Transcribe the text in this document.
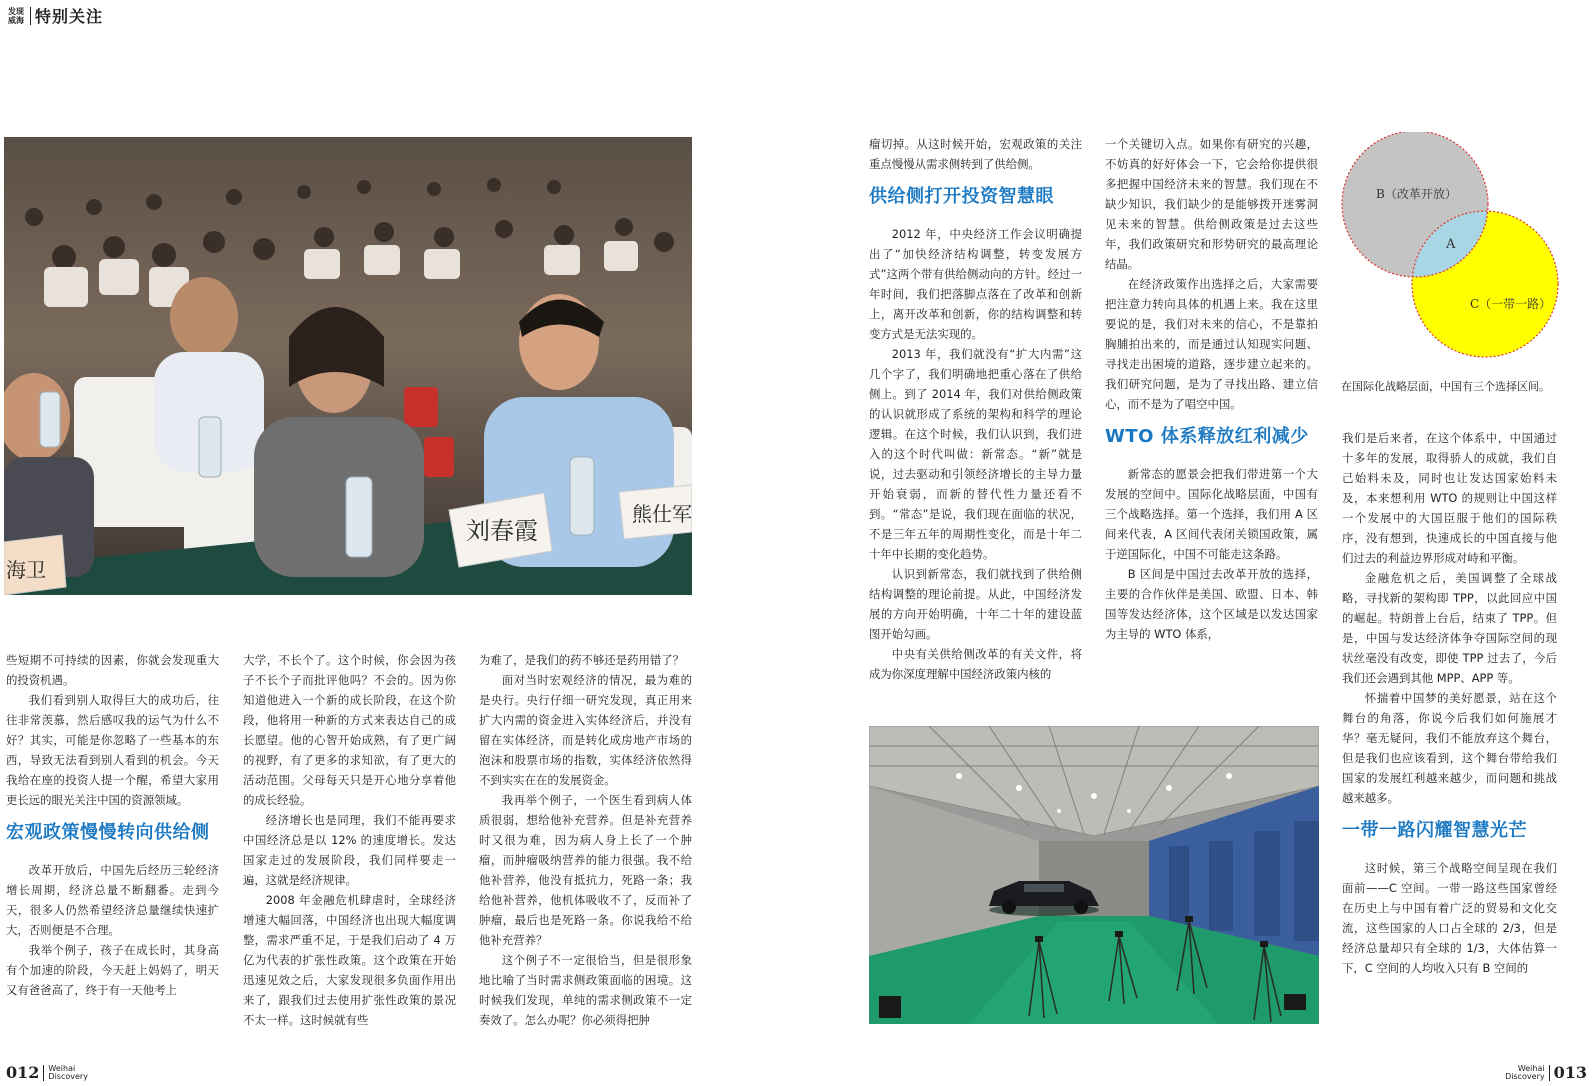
发现
威海 特别关注
刘春霞
熊仕军
海卫

些短期不可持续的因素，你就会发现重大的投资机遇。

我们看到别人取得巨大的成功后，往往非常羡慕，然后感叹我的运气为什么不好？其实，可能是你忽略了一些基本的东西，导致无法看到别人看到的机会。今天我给在座的投资人提一个醒，希望大家用更长远的眼光关注中国的资源领域。

宏观政策慢慢转向供给侧

改革开放后，中国先后经历三轮经济增长周期，经济总量不断翻番。走到今天，很多人仍然希望经济总量继续快速扩大，否则便是不合理。

我举个例子，孩子在成长时，其身高有个加速的阶段，今天赶上妈妈了，明天又有爸爸高了，终于有一天他考上

大学，不长个了。这个时候，你会因为孩子不长个子而批评他吗？不会的。因为你知道他进入一个新的成长阶段，在这个阶段，他将用一种新的方式来表达自己的成长愿望。他的心智开始成熟，有了更广阔的视野，有了更多的求知欲，有了更大的活动范围。父母每天只是开心地分享着他的成长经验。

经济增长也是同理，我们不能再要求中国经济总是以 12% 的速度增长。发达国家走过的发展阶段，我们同样要走一遍，这就是经济规律。

2008 年金融危机肆虐时，全球经济增速大幅回落，中国经济也出现大幅度调整，需求严重不足，于是我们启动了 4 万亿为代表的扩张性政策。这个政策在开始迅速见效之后，大家发现很多负面作用出来了，跟我们过去使用扩张性政策的景况不太一样。这时候就有些

为难了，是我们的药不够还是药用错了？

面对当时宏观经济的情况，最为难的是央行。央行仔细一研究发现，真正用来扩大内需的资金进入实体经济后，并没有留在实体经济，而是转化成房地产市场的泡沫和股票市场的指数，实体经济依然得不到实实在在的发展资金。

我再举个例子，一个医生看到病人体质很弱，想给他补充营养。但是补充营养时又很为难，因为病人身上长了一个肿瘤，而肿瘤吸纳营养的能力很强。我不给他补营养，他没有抵抗力，死路一条；我给他补营养，他机体吸收不了，反而补了肿瘤，最后也是死路一条。你说我给不给他补充营养？

这个例子不一定很恰当，但是很形象地比喻了当时需求侧政策面临的困境。这时候我们发现，单纯的需求侧政策不一定奏效了。怎么办呢？你必须得把肿

瘤切掉。从这时候开始，宏观政策的关注重点慢慢从需求侧转到了供给侧。

供给侧打开投资智慧眼

2012 年，中央经济工作会议明确提出了“加快经济结构调整，转变发展方式”这两个带有供给侧动向的方针。经过一年时间，我们把落脚点落在了改革和创新上，离开改革和创新，你的结构调整和转变方式是无法实现的。

2013 年，我们就没有“扩大内需”这几个字了，我们明确地把重心落在了供给侧上。到了 2014 年，我们对供给侧政策的认识就形成了系统的架构和科学的理论逻辑。在这个时候，我们认识到，我们进入的这个时代叫做：新常态。“新”就是说，过去驱动和引领经济增长的主导力量开始衰弱，而新的替代性力量还看不到。“常态”是说，我们现在面临的状况，不是三年五年的周期性变化，而是十年二十年中长期的变化趋势。

认识到新常态，我们就找到了供给侧结构调整的理论前提。从此，中国经济发展的方向开始明确，十年二十年的建设蓝图开始勾画。

中央有关供给侧改革的有关文件，将成为你深度理解中国经济政策内核的

一个关键切入点。如果你有研究的兴趣，不妨真的好好体会一下，它会给你提供很多把握中国经济未来的智慧。我们现在不缺少知识，我们缺少的是能够拨开迷雾洞见未来的智慧。供给侧政策是过去这些年，我们政策研究和形势研究的最高理论结晶。

在经济政策作出选择之后，大家需要把注意力转向具体的机遇上来。我在这里要说的是，我们对未来的信心，不是靠拍胸脯拍出来的，而是通过认知现实问题、寻找走出困境的道路，逐步建立起来的。我们研究问题，是为了寻找出路、建立信心，而不是为了唱空中国。

WTO 体系释放红利减少

新常态的愿景会把我们带进第一个大发展的空间中。国际化战略层面，中国有三个战略选择。第一个选择，我们用 A 区间来代表，A 区间代表闭关锁国政策，属于逆国际化，中国不可能走这条路。

B 区间是中国过去改革开放的选择，主要的合作伙伴是美国、欧盟、日本、韩国等发达经济体，这个区域是以发达国家为主导的 WTO 体系，

B（改革开放）
A
C（一带一路）
在国际化战略层面，中国有三个选择区间。

我们是后来者，在这个体系中，中国通过十多年的发展，取得骄人的成就，我们自己始料未及，同时也让发达国家始料未及，本来想利用 WTO 的规则让中国这样一个发展中的大国臣服于他们的国际秩序，没有想到，快速成长的中国直接与他们过去的利益边界形成对峙和平衡。

金融危机之后，美国调整了全球战略，寻找新的架构即 TPP，以此回应中国的崛起。特朗普上台后，结束了 TPP。但是，中国与发达经济体争夺国际空间的现状丝毫没有改变，即使 TPP 过去了，今后我们还会遇到其他 MPP、APP 等。

怀揣着中国梦的美好愿景，站在这个舞台的角落，你说今后我们如何施展才华？毫无疑问，我们不能放弃这个舞台，但是我们也应该看到，这个舞台带给我们国家的发展红利越来越少，而问题和挑战越来越多。

一带一路闪耀智慧光芒

这时候，第三个战略空间呈现在我们面前——C 空间。一带一路这些国家曾经在历史上与中国有着广泛的贸易和文化交流，这些国家的人口占全球的 2/3，但是经济总量却只有全球的 1/3，大体估算一下，C 空间的人均收入只有 B 空间的

012 Weihai
Discovery
Weihai
Discovery 013
